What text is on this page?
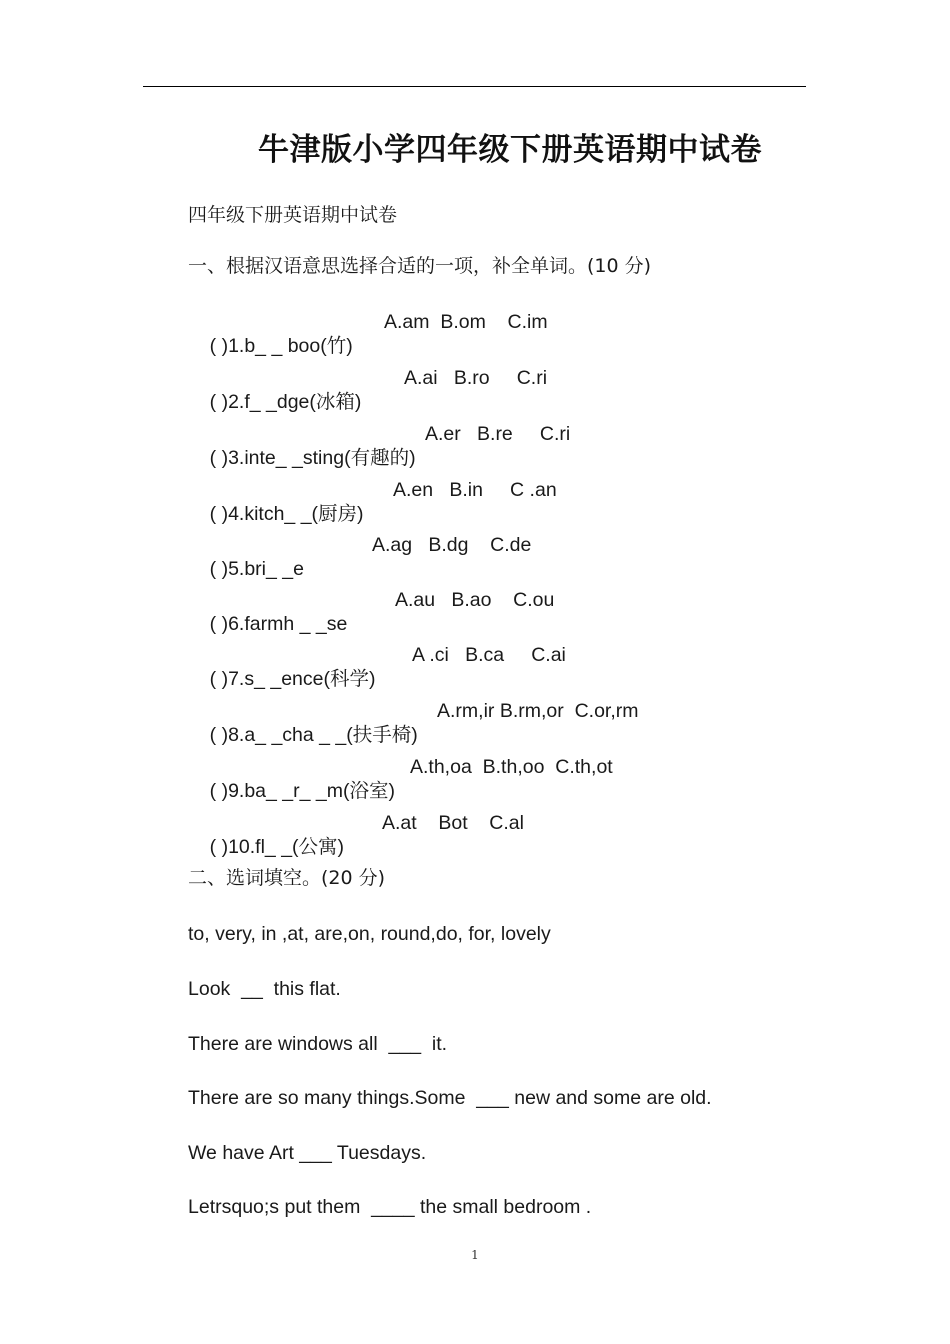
牛津版小学四年级下册英语期中试卷
四年级下册英语期中试卷
一、根据汉语意思选择合适的一项，补全单词。(10 分)

( )1.b_ _ boo(竹)

A.am  B.om    C.im

( )2.f_ _dge(冰箱)

A.ai   B.ro     C.ri

( )3.inte_ _sting(有趣的)

A.er   B.re     C.ri

( )4.kitch_ _(厨房)

A.en   B.in     C .an

( )5.bri_ _e

A.ag   B.dg    C.de

( )6.farmh _ _se

A.au   B.ao    C.ou

( )7.s_ _ence(科学)

A .ci   B.ca     C.ai

( )8.a_ _cha _ _(扶手椅)

A.rm,ir B.rm,or  C.or,rm

( )9.ba_ _r_ _m(浴室)

A.th,oa  B.th,oo  C.th,ot

( )10.fl_ _(公寓)

A.at    Bot    C.al

二、选词填空。(20 分)
to, very, in ,at, are,on, round,do, for, lovely
Look  __  this flat.
There are windows all  ___  it.
There are so many things.Some  ___ new and some are old.
We have Art ___ Tuesdays.
Letrsquo;s put them  ____ the small bedroom .
1
